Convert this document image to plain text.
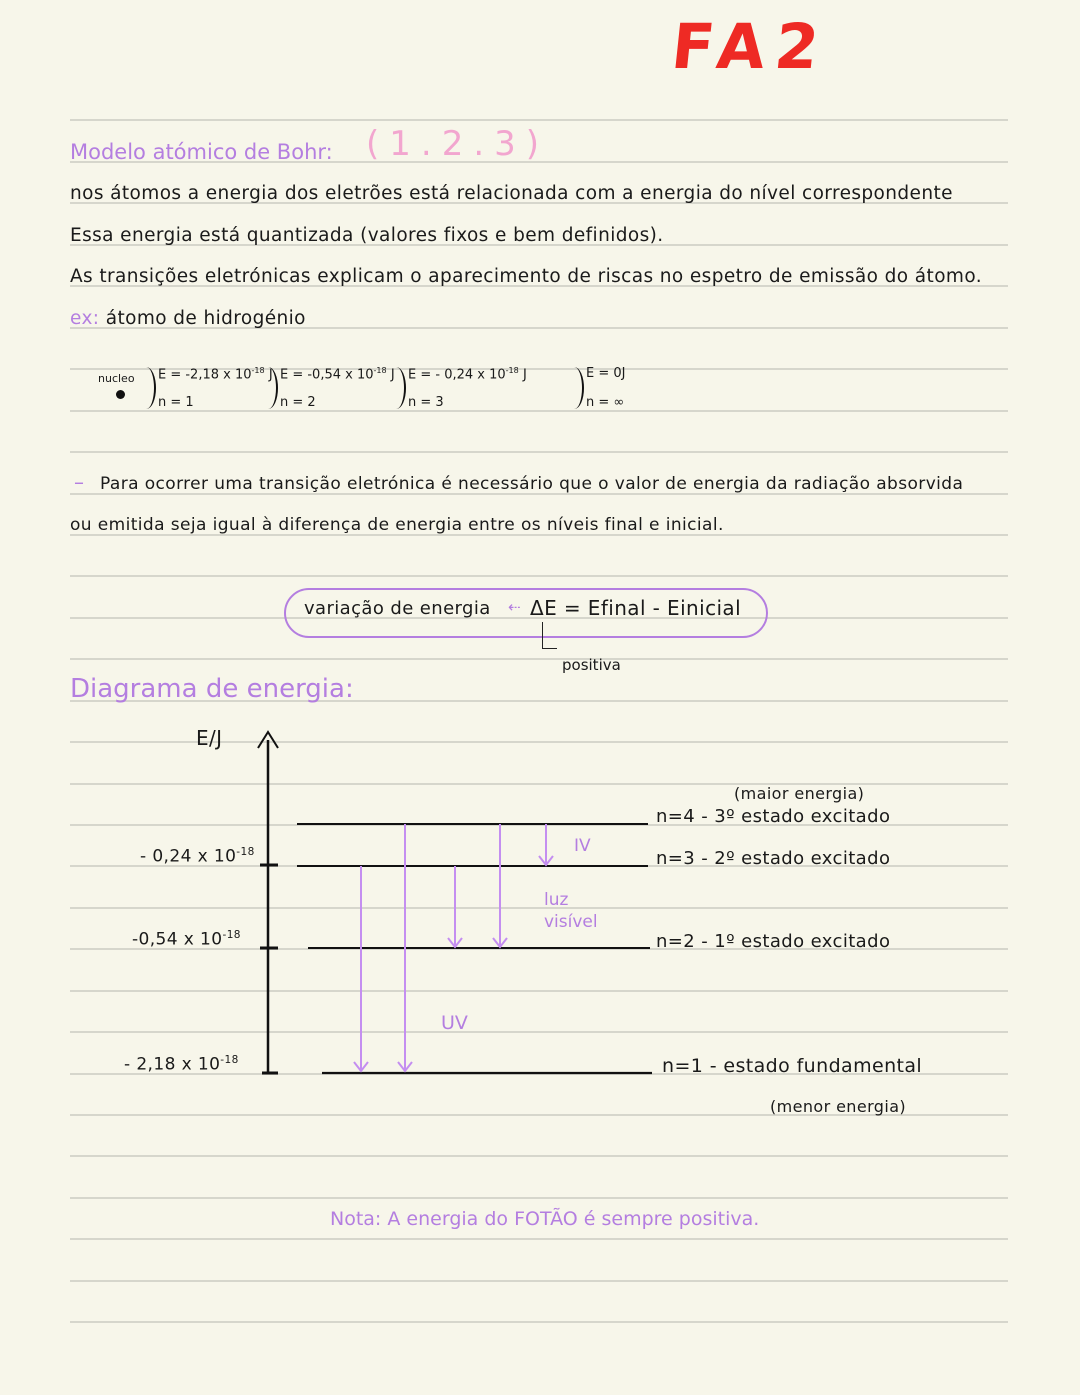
FA2
Modelo atómico de Bohr: (1.2.3)
nos átomos a energia dos eletrões está relacionada com a energia do nível correspondente
Essa energia está quantizada (valores fixos e bem definidos).
As transições eletrónicas explicam o aparecimento de riscas no espetro de emissão do átomo.
ex: átomo de hidrogénio
nucleo E = -2,18 x $10^{-18}$ J
n = 1
E = -0,54 x $10^{-18}$ J
n = 2
E = - 0,24 x $10^{-18}$ J
n = 3
E = 0J
n = ∞
– Para ocorrer uma transição eletrónica é necessário que o valor de energia da radiação absorvida
ou emitida seja igual à diferença de energia entre os níveis final e inicial.
variação de energia ⇠ ΔE = Efinal - Einicial
positiva
Diagrama de energia:
E/J
- 0,24 x $10^{-18}$
-0,54 x $10^{-18}$
- 2,18 x $10^{-18}$
IV
luz
visível
UV
(maior energia)
n=4 - 3º estado excitado
n=3 - 2º estado excitado
n=2 - 1º estado excitado
n=1 - estado fundamental
(menor energia)
Nota: A energia do FOTÃO é sempre positiva.
